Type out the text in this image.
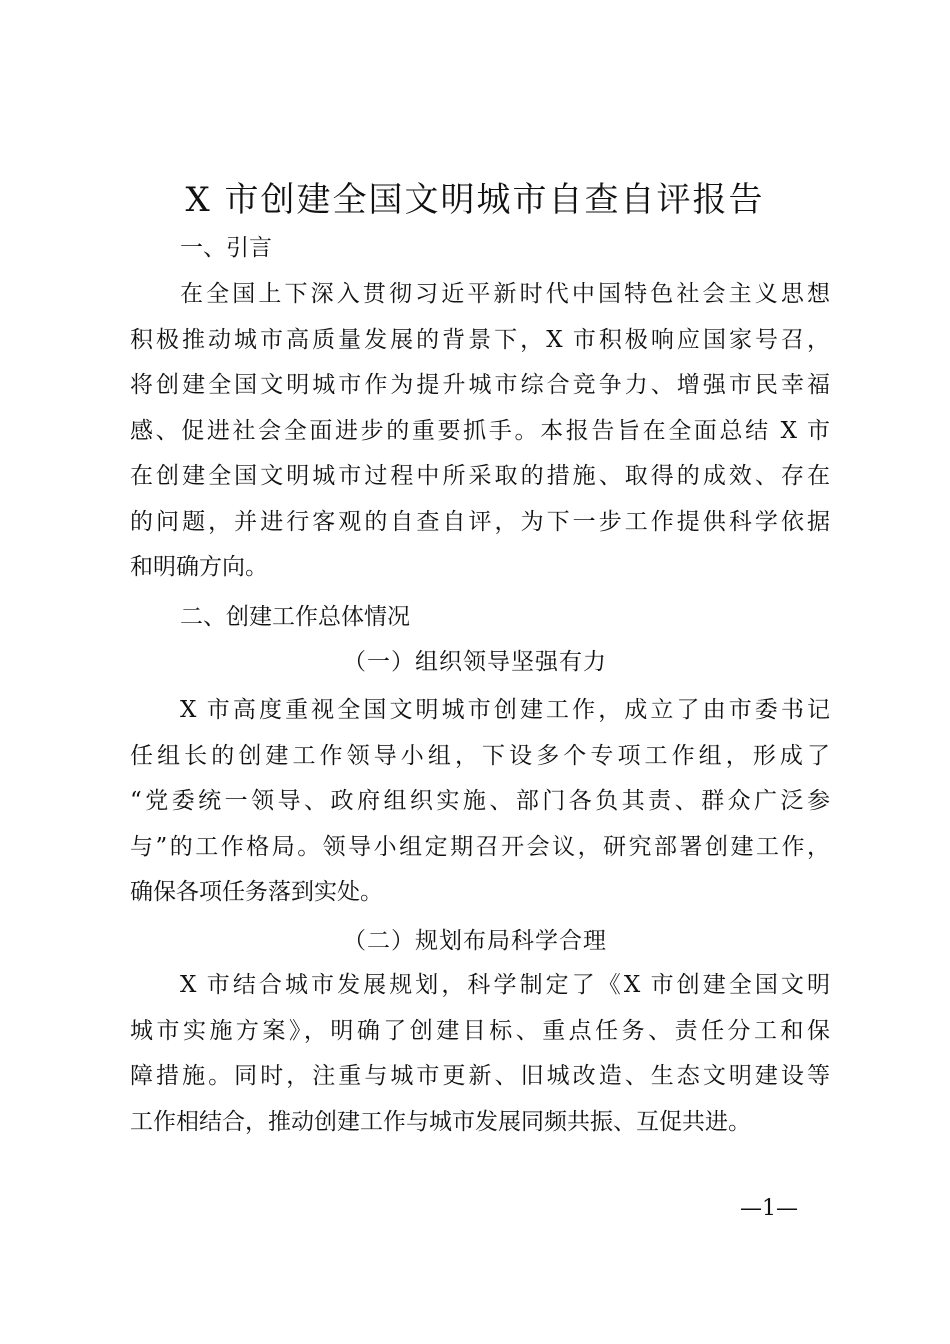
X 市创建全国文明城市自查自评报告
一、引言
在全国上下深入贯彻习近平新时代中国特色社会主义思想
积极推动城市高质量发展的背景下，X 市积极响应国家号召，
将创建全国文明城市作为提升城市综合竞争力、增强市民幸福
感、促进社会全面进步的重要抓手。本报告旨在全面总结 X 市
在创建全国文明城市过程中所采取的措施、取得的成效、存在
的问题，并进行客观的自查自评，为下一步工作提供科学依据
和明确方向。
二、创建工作总体情况
（一）组织领导坚强有力
X 市高度重视全国文明城市创建工作，成立了由市委书记
任组长的创建工作领导小组，下设多个专项工作组，形成了
“党委统一领导、政府组织实施、部门各负其责、群众广泛参
与”的工作格局。领导小组定期召开会议，研究部署创建工作，
确保各项任务落到实处。
（二）规划布局科学合理
X 市结合城市发展规划，科学制定了《X 市创建全国文明
城市实施方案》，明确了创建目标、重点任务、责任分工和保
障措施。同时，注重与城市更新、旧城改造、生态文明建设等
工作相结合，推动创建工作与城市发展同频共振、互促共进。
—1—
